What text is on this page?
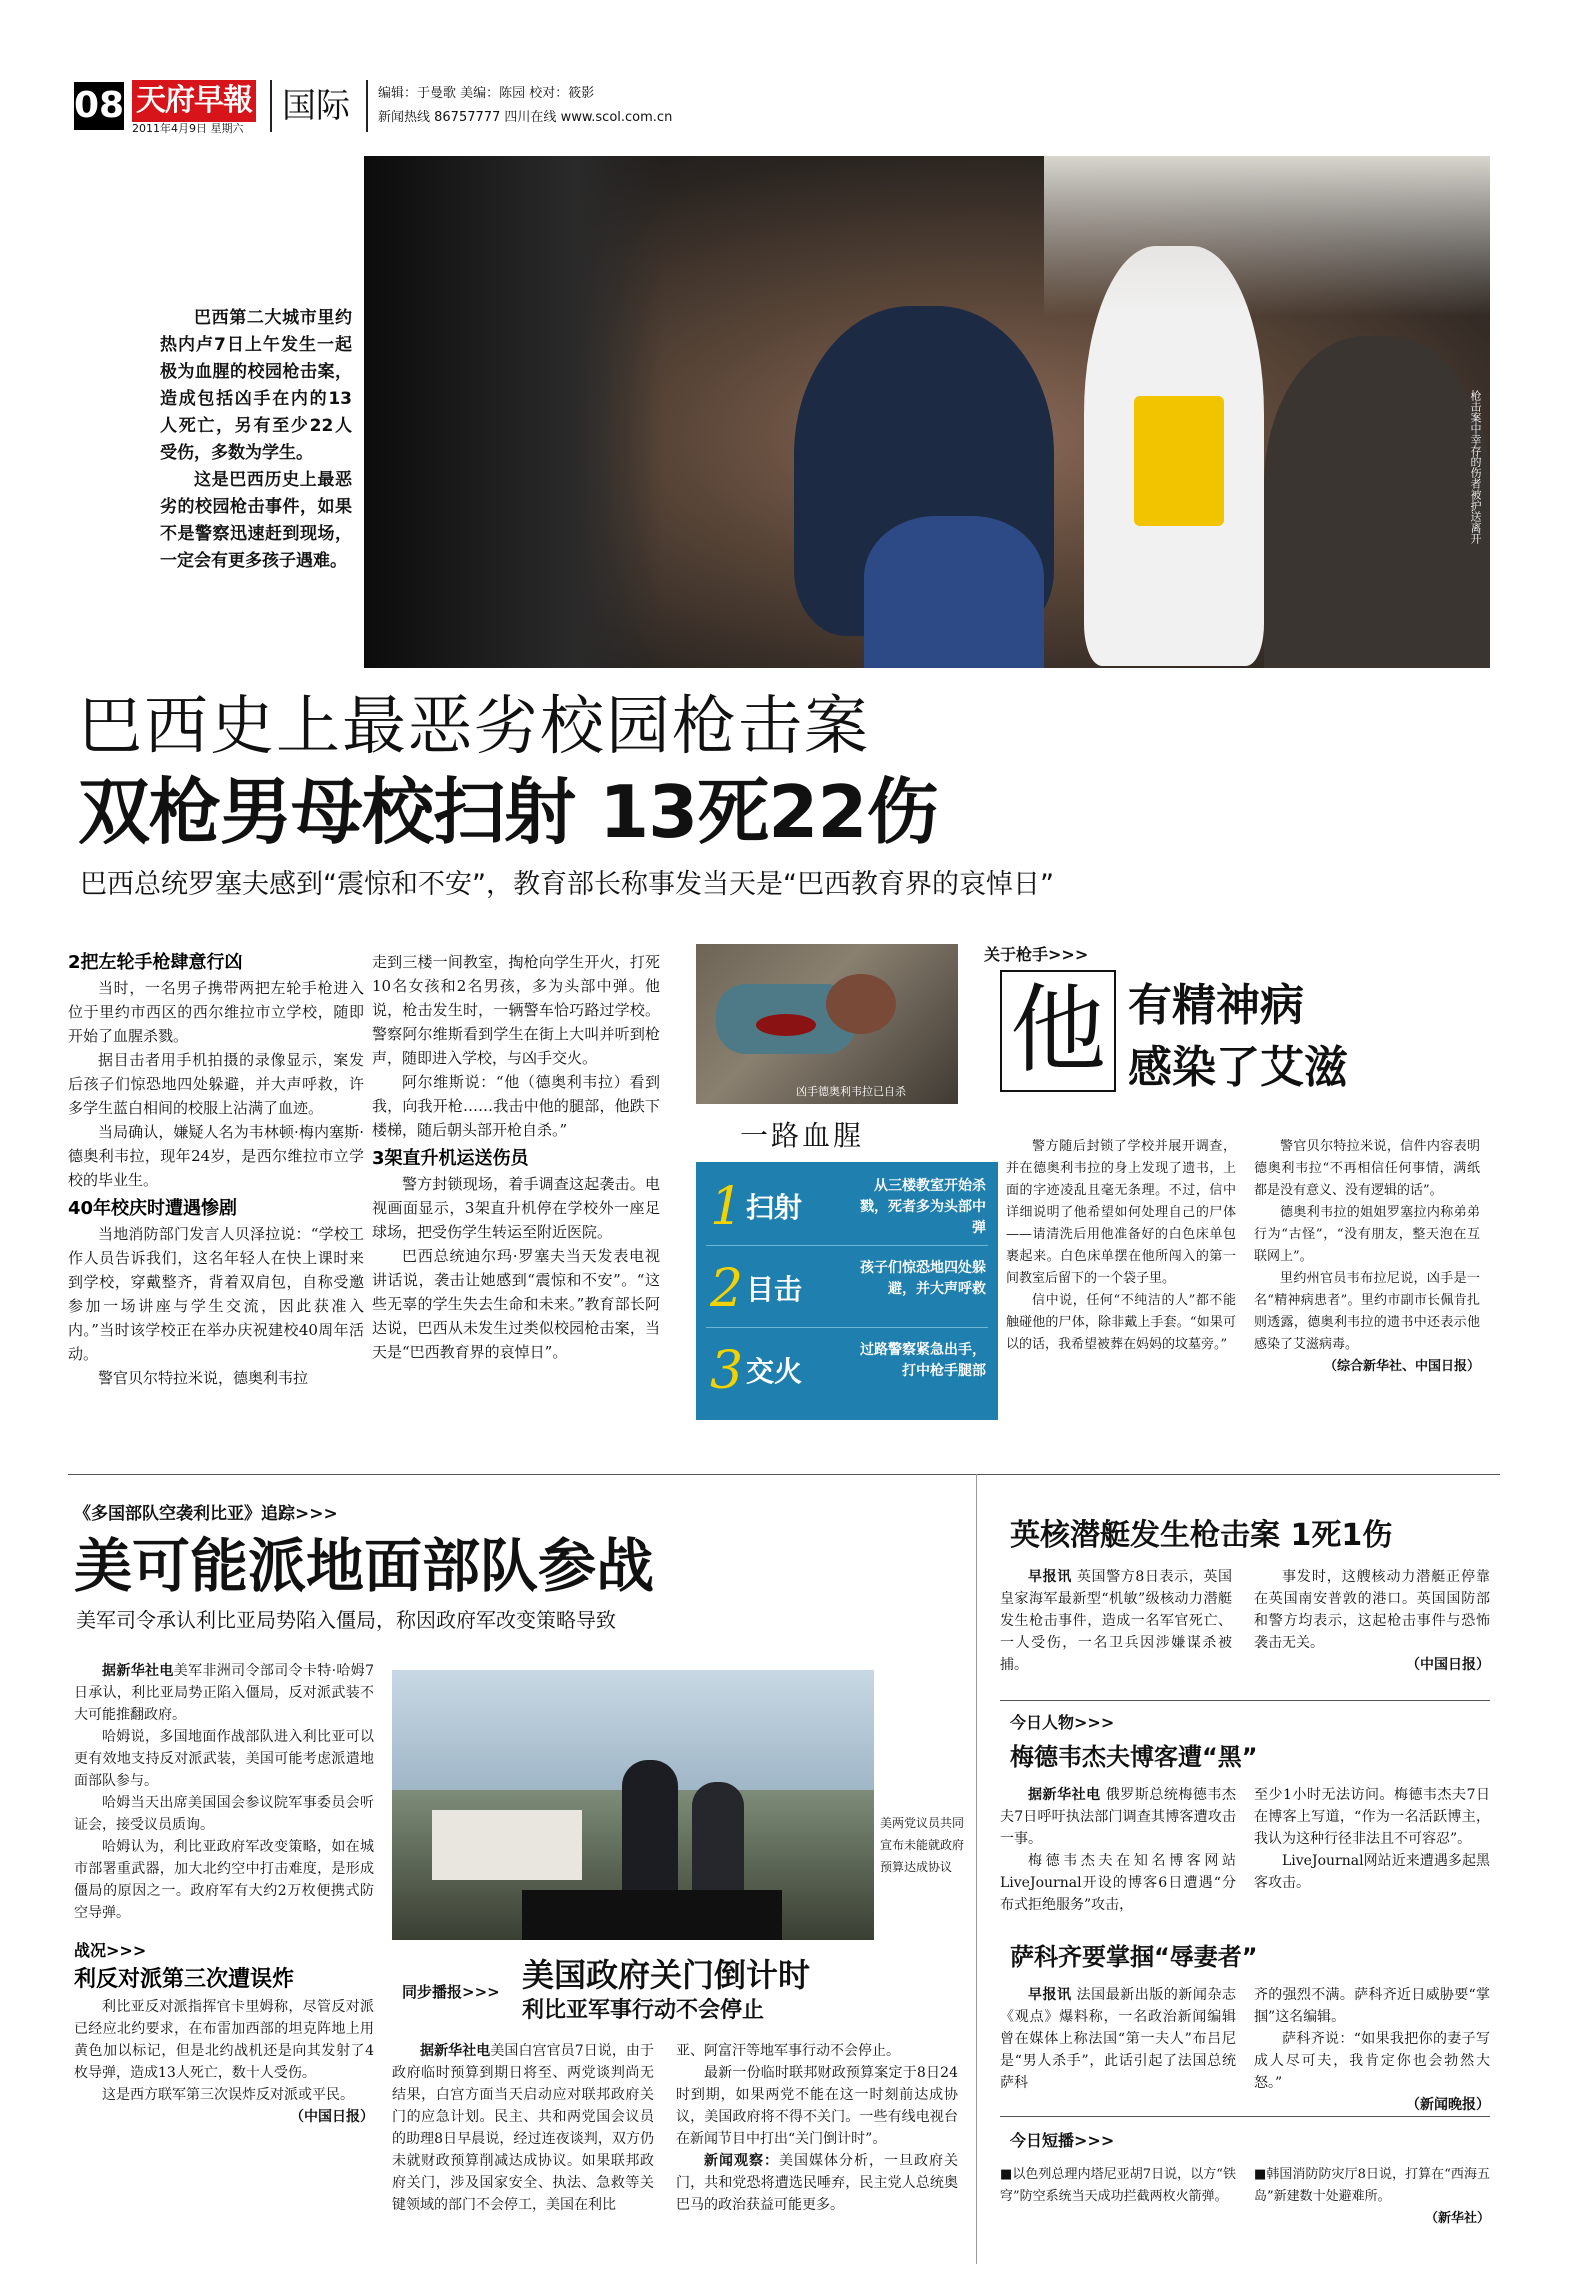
08 天府早報
2011年4月9日 星期六
国际 编辑：于曼歌 美编：陈园 校对：筱影
新闻热线 86757777 四川在线 www.scol.com.cn

巴西第二大城市里约热内卢7日上午发生一起极为血腥的校园枪击案，造成包括凶手在内的13人死亡，另有至少22人受伤，多数为学生。

这是巴西历史上最恶劣的校园枪击事件，如果不是警察迅速赶到现场，一定会有更多孩子遇难。

枪击案中幸存的伤者被护送离开
巴西史上最恶劣校园枪击案
双枪男母校扫射 13死22伤
巴西总统罗塞夫感到“震惊和不安”，教育部长称事发当天是“巴西教育界的哀悼日”
2把左轮手枪肆意行凶

当时，一名男子携带两把左轮手枪进入位于里约市西区的西尔维拉市立学校，随即开始了血腥杀戮。

据目击者用手机拍摄的录像显示，案发后孩子们惊恐地四处躲避，并大声呼救，许多学生蓝白相间的校服上沾满了血迹。

当局确认，嫌疑人名为韦林顿·梅内塞斯·德奥利韦拉，现年24岁，是西尔维拉市立学校的毕业生。

40年校庆时遭遇惨剧

当地消防部门发言人贝泽拉说：“学校工作人员告诉我们，这名年轻人在快上课时来到学校，穿戴整齐，背着双肩包，自称受邀参加一场讲座与学生交流，因此获准入内。”当时该学校正在举办庆祝建校40周年活动。

警官贝尔特拉米说，德奥利韦拉

走到三楼一间教室，掏枪向学生开火，打死10名女孩和2名男孩，多为头部中弹。他说，枪击发生时，一辆警车恰巧路过学校。警察阿尔维斯看到学生在街上大叫并听到枪声，随即进入学校，与凶手交火。

阿尔维斯说：“他（德奥利韦拉）看到我，向我开枪……我击中他的腿部，他跌下楼梯，随后朝头部开枪自杀。”

3架直升机运送伤员

警方封锁现场，着手调查这起袭击。电视画面显示，3架直升机停在学校外一座足球场，把受伤学生转运至附近医院。

巴西总统迪尔玛·罗塞夫当天发表电视讲话说，袭击让她感到“震惊和不安”。“这些无辜的学生失去生命和未来。”教育部长阿达说，巴西从未发生过类似校园枪击案，当天是“巴西教育界的哀悼日”。

凶手德奥利韦拉已自杀
一路血腥
1 扫射
从三楼教室开始杀戮，死者多为头部中弹
2 目击
孩子们惊恐地四处躲避，并大声呼救
3 交火
过路警察紧急出手，打中枪手腿部
关于枪手>>>
他 有精神病
感染了艾滋

警方随后封锁了学校并展开调查，并在德奥利韦拉的身上发现了遗书，上面的字迹凌乱且毫无条理。不过，信中详细说明了他希望如何处理自己的尸体——请清洗后用他准备好的白色床单包裹起来。白色床单摆在他所闯入的第一间教室后留下的一个袋子里。

信中说，任何“不纯洁的人”都不能触碰他的尸体，除非戴上手套。“如果可以的话，我希望被葬在妈妈的坟墓旁。”

警官贝尔特拉米说，信件内容表明德奥利韦拉“不再相信任何事情，满纸都是没有意义、没有逻辑的话”。

德奥利韦拉的姐姐罗塞拉内称弟弟行为“古怪”，“没有朋友，整天泡在互联网上”。

里约州官员韦布拉尼说，凶手是一名“精神病患者”。里约市副市长佩肯扎则透露，德奥利韦拉的遗书中还表示他感染了艾滋病毒。

（综合新华社、中国日报）

《多国部队空袭利比亚》追踪>>>
美可能派地面部队参战
美军司令承认利比亚局势陷入僵局，称因政府军改变策略导致

据新华社电美军非洲司令部司令卡特·哈姆7日承认，利比亚局势正陷入僵局，反对派武装不大可能推翻政府。

哈姆说，多国地面作战部队进入利比亚可以更有效地支持反对派武装，美国可能考虑派遣地面部队参与。

哈姆当天出席美国国会参议院军事委员会听证会，接受议员质询。

哈姆认为，利比亚政府军改变策略，如在城市部署重武器，加大北约空中打击难度，是形成僵局的原因之一。政府军有大约2万枚便携式防空导弹。

战况>>>
利反对派第三次遭误炸

利比亚反对派指挥官卡里姆称，尽管反对派已经应北约要求，在布雷加西部的坦克阵地上用黄色加以标记，但是北约战机还是向其发射了4枚导弹，造成13人死亡，数十人受伤。

这是西方联军第三次误炸反对派或平民。

（中国日报）

美两党议员共同宣布未能就政府预算达成协议
同步播报>>> 美国政府关门倒计时
利比亚军事行动不会停止

据新华社电美国白宫官员7日说，由于政府临时预算到期日将至、两党谈判尚无结果，白宫方面当天启动应对联邦政府关门的应急计划。民主、共和两党国会议员的助理8日早晨说，经过连夜谈判，双方仍未就财政预算削减达成协议。如果联邦政府关门，涉及国家安全、执法、急救等关键领域的部门不会停工，美国在利比

亚、阿富汗等地军事行动不会停止。

最新一份临时联邦财政预算案定于8日24时到期，如果两党不能在这一时刻前达成协议，美国政府将不得不关门。一些有线电视台在新闻节目中打出“关门倒计时”。

新闻观察：美国媒体分析，一旦政府关门，共和党恐将遭选民唾弃，民主党人总统奥巴马的政治获益可能更多。

英核潜艇发生枪击案 1死1伤

早报讯 英国警方8日表示，英国皇家海军最新型“机敏”级核动力潜艇发生枪击事件，造成一名军官死亡、一人受伤，一名卫兵因涉嫌谋杀被捕。

事发时，这艘核动力潜艇正停靠在英国南安普敦的港口。英国国防部和警方均表示，这起枪击事件与恐怖袭击无关。

（中国日报）

今日人物>>>
梅德韦杰夫博客遭“黑”

据新华社电 俄罗斯总统梅德韦杰夫7日呼吁执法部门调查其博客遭攻击一事。

梅德韦杰夫在知名博客网站LiveJournal开设的博客6日遭遇“分布式拒绝服务”攻击，

至少1小时无法访问。梅德韦杰夫7日在博客上写道，“作为一名活跃博主，我认为这种行径非法且不可容忍”。

LiveJournal网站近来遭遇多起黑客攻击。

萨科齐要掌掴“辱妻者”

早报讯 法国最新出版的新闻杂志《观点》爆料称，一名政治新闻编辑曾在媒体上称法国“第一夫人”布吕尼是“男人杀手”，此话引起了法国总统萨科

齐的强烈不满。萨科齐近日威胁要“掌掴”这名编辑。

萨科齐说：“如果我把你的妻子写成人尽可夫，我肯定你也会勃然大怒。”

（新闻晚报）

今日短播>>>

■以色列总理内塔尼亚胡7日说，以方“铁穹”防空系统当天成功拦截两枚火箭弹。

■韩国消防防灾厅8日说，打算在“西海五岛”新建数十处避难所。

（新华社）
